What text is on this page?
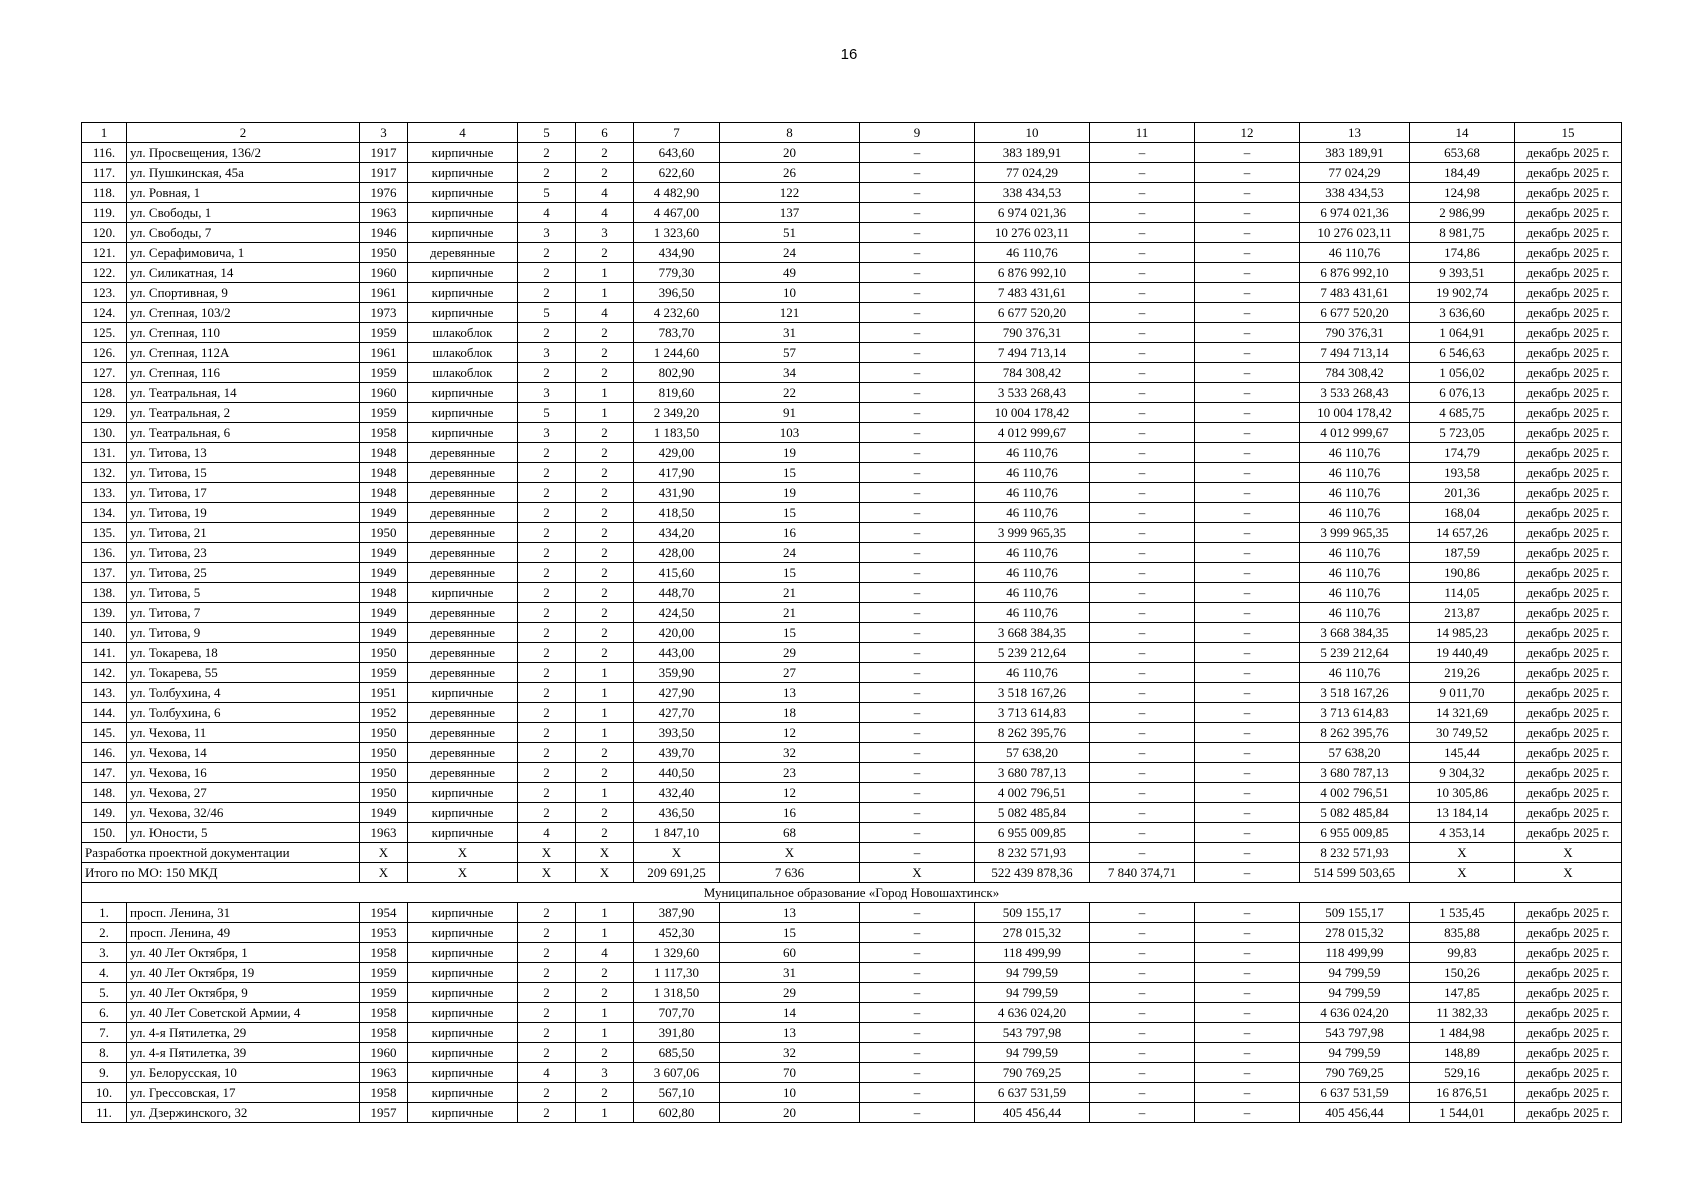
16
1	2	3	4	5	6	7	8	9	10	11	12	13	14	15
116.	ул. Просвещения, 136/2	1917	кирпичные	2	2	643,60	20	–	383 189,91	–	–	383 189,91	653,68	декабрь 2025 г.
117.	ул. Пушкинская, 45а	1917	кирпичные	2	2	622,60	26	–	77 024,29	–	–	77 024,29	184,49	декабрь 2025 г.
118.	ул. Ровная, 1	1976	кирпичные	5	4	4 482,90	122	–	338 434,53	–	–	338 434,53	124,98	декабрь 2025 г.
119.	ул. Свободы, 1	1963	кирпичные	4	4	4 467,00	137	–	6 974 021,36	–	–	6 974 021,36	2 986,99	декабрь 2025 г.
120.	ул. Свободы, 7	1946	кирпичные	3	3	1 323,60	51	–	10 276 023,11	–	–	10 276 023,11	8 981,75	декабрь 2025 г.
121.	ул. Серафимовича, 1	1950	деревянные	2	2	434,90	24	–	46 110,76	–	–	46 110,76	174,86	декабрь 2025 г.
122.	ул. Силикатная, 14	1960	кирпичные	2	1	779,30	49	–	6 876 992,10	–	–	6 876 992,10	9 393,51	декабрь 2025 г.
123.	ул. Спортивная, 9	1961	кирпичные	2	1	396,50	10	–	7 483 431,61	–	–	7 483 431,61	19 902,74	декабрь 2025 г.
124.	ул. Степная, 103/2	1973	кирпичные	5	4	4 232,60	121	–	6 677 520,20	–	–	6 677 520,20	3 636,60	декабрь 2025 г.
125.	ул. Степная, 110	1959	шлакоблок	2	2	783,70	31	–	790 376,31	–	–	790 376,31	1 064,91	декабрь 2025 г.
126.	ул. Степная, 112А	1961	шлакоблок	3	2	1 244,60	57	–	7 494 713,14	–	–	7 494 713,14	6 546,63	декабрь 2025 г.
127.	ул. Степная, 116	1959	шлакоблок	2	2	802,90	34	–	784 308,42	–	–	784 308,42	1 056,02	декабрь 2025 г.
128.	ул. Театральная, 14	1960	кирпичные	3	1	819,60	22	–	3 533 268,43	–	–	3 533 268,43	6 076,13	декабрь 2025 г.
129.	ул. Театральная, 2	1959	кирпичные	5	1	2 349,20	91	–	10 004 178,42	–	–	10 004 178,42	4 685,75	декабрь 2025 г.
130.	ул. Театральная, 6	1958	кирпичные	3	2	1 183,50	103	–	4 012 999,67	–	–	4 012 999,67	5 723,05	декабрь 2025 г.
131.	ул. Титова, 13	1948	деревянные	2	2	429,00	19	–	46 110,76	–	–	46 110,76	174,79	декабрь 2025 г.
132.	ул. Титова, 15	1948	деревянные	2	2	417,90	15	–	46 110,76	–	–	46 110,76	193,58	декабрь 2025 г.
133.	ул. Титова, 17	1948	деревянные	2	2	431,90	19	–	46 110,76	–	–	46 110,76	201,36	декабрь 2025 г.
134.	ул. Титова, 19	1949	деревянные	2	2	418,50	15	–	46 110,76	–	–	46 110,76	168,04	декабрь 2025 г.
135.	ул. Титова, 21	1950	деревянные	2	2	434,20	16	–	3 999 965,35	–	–	3 999 965,35	14 657,26	декабрь 2025 г.
136.	ул. Титова, 23	1949	деревянные	2	2	428,00	24	–	46 110,76	–	–	46 110,76	187,59	декабрь 2025 г.
137.	ул. Титова, 25	1949	деревянные	2	2	415,60	15	–	46 110,76	–	–	46 110,76	190,86	декабрь 2025 г.
138.	ул. Титова, 5	1948	кирпичные	2	2	448,70	21	–	46 110,76	–	–	46 110,76	114,05	декабрь 2025 г.
139.	ул. Титова, 7	1949	деревянные	2	2	424,50	21	–	46 110,76	–	–	46 110,76	213,87	декабрь 2025 г.
140.	ул. Титова, 9	1949	деревянные	2	2	420,00	15	–	3 668 384,35	–	–	3 668 384,35	14 985,23	декабрь 2025 г.
141.	ул. Токарева, 18	1950	деревянные	2	2	443,00	29	–	5 239 212,64	–	–	5 239 212,64	19 440,49	декабрь 2025 г.
142.	ул. Токарева, 55	1959	деревянные	2	1	359,90	27	–	46 110,76	–	–	46 110,76	219,26	декабрь 2025 г.
143.	ул. Толбухина, 4	1951	кирпичные	2	1	427,90	13	–	3 518 167,26	–	–	3 518 167,26	9 011,70	декабрь 2025 г.
144.	ул. Толбухина, 6	1952	деревянные	2	1	427,70	18	–	3 713 614,83	–	–	3 713 614,83	14 321,69	декабрь 2025 г.
145.	ул. Чехова, 11	1950	деревянные	2	1	393,50	12	–	8 262 395,76	–	–	8 262 395,76	30 749,52	декабрь 2025 г.
146.	ул. Чехова, 14	1950	деревянные	2	2	439,70	32	–	57 638,20	–	–	57 638,20	145,44	декабрь 2025 г.
147.	ул. Чехова, 16	1950	деревянные	2	2	440,50	23	–	3 680 787,13	–	–	3 680 787,13	9 304,32	декабрь 2025 г.
148.	ул. Чехова, 27	1950	кирпичные	2	1	432,40	12	–	4 002 796,51	–	–	4 002 796,51	10 305,86	декабрь 2025 г.
149.	ул. Чехова, 32/46	1949	кирпичные	2	2	436,50	16	–	5 082 485,84	–	–	5 082 485,84	13 184,14	декабрь 2025 г.
150.	ул. Юности, 5	1963	кирпичные	4	2	1 847,10	68	–	6 955 009,85	–	–	6 955 009,85	4 353,14	декабрь 2025 г.
Разработка проектной документации		X	X	X	X	X	X	–	8 232 571,93	–	–	8 232 571,93	X	X
Итого по МО: 150 МКД		X	X	X	X	209 691,25	7 636	X	522 439 878,36	7 840 374,71	–	514 599 503,65	X	X
Муниципальное образование «Город Новошахтинск»														
1.	просп. Ленина, 31	1954	кирпичные	2	1	387,90	13	–	509 155,17	–	–	509 155,17	1 535,45	декабрь 2025 г.
2.	просп. Ленина, 49	1953	кирпичные	2	1	452,30	15	–	278 015,32	–	–	278 015,32	835,88	декабрь 2025 г.
3.	ул. 40 Лет Октября, 1	1958	кирпичные	2	4	1 329,60	60	–	118 499,99	–	–	118 499,99	99,83	декабрь 2025 г.
4.	ул. 40 Лет Октября, 19	1959	кирпичные	2	2	1 117,30	31	–	94 799,59	–	–	94 799,59	150,26	декабрь 2025 г.
5.	ул. 40 Лет Октября, 9	1959	кирпичные	2	2	1 318,50	29	–	94 799,59	–	–	94 799,59	147,85	декабрь 2025 г.
6.	ул. 40 Лет Советской Армии, 4	1958	кирпичные	2	1	707,70	14	–	4 636 024,20	–	–	4 636 024,20	11 382,33	декабрь 2025 г.
7.	ул. 4-я Пятилетка, 29	1958	кирпичные	2	1	391,80	13	–	543 797,98	–	–	543 797,98	1 484,98	декабрь 2025 г.
8.	ул. 4-я Пятилетка, 39	1960	кирпичные	2	2	685,50	32	–	94 799,59	–	–	94 799,59	148,89	декабрь 2025 г.
9.	ул. Белорусская, 10	1963	кирпичные	4	3	3 607,06	70	–	790 769,25	–	–	790 769,25	529,16	декабрь 2025 г.
10.	ул. Грессовская, 17	1958	кирпичные	2	2	567,10	10	–	6 637 531,59	–	–	6 637 531,59	16 876,51	декабрь 2025 г.
11.	ул. Дзержинского, 32	1957	кирпичные	2	1	602,80	20	–	405 456,44	–	–	405 456,44	1 544,01	декабрь 2025 г.
